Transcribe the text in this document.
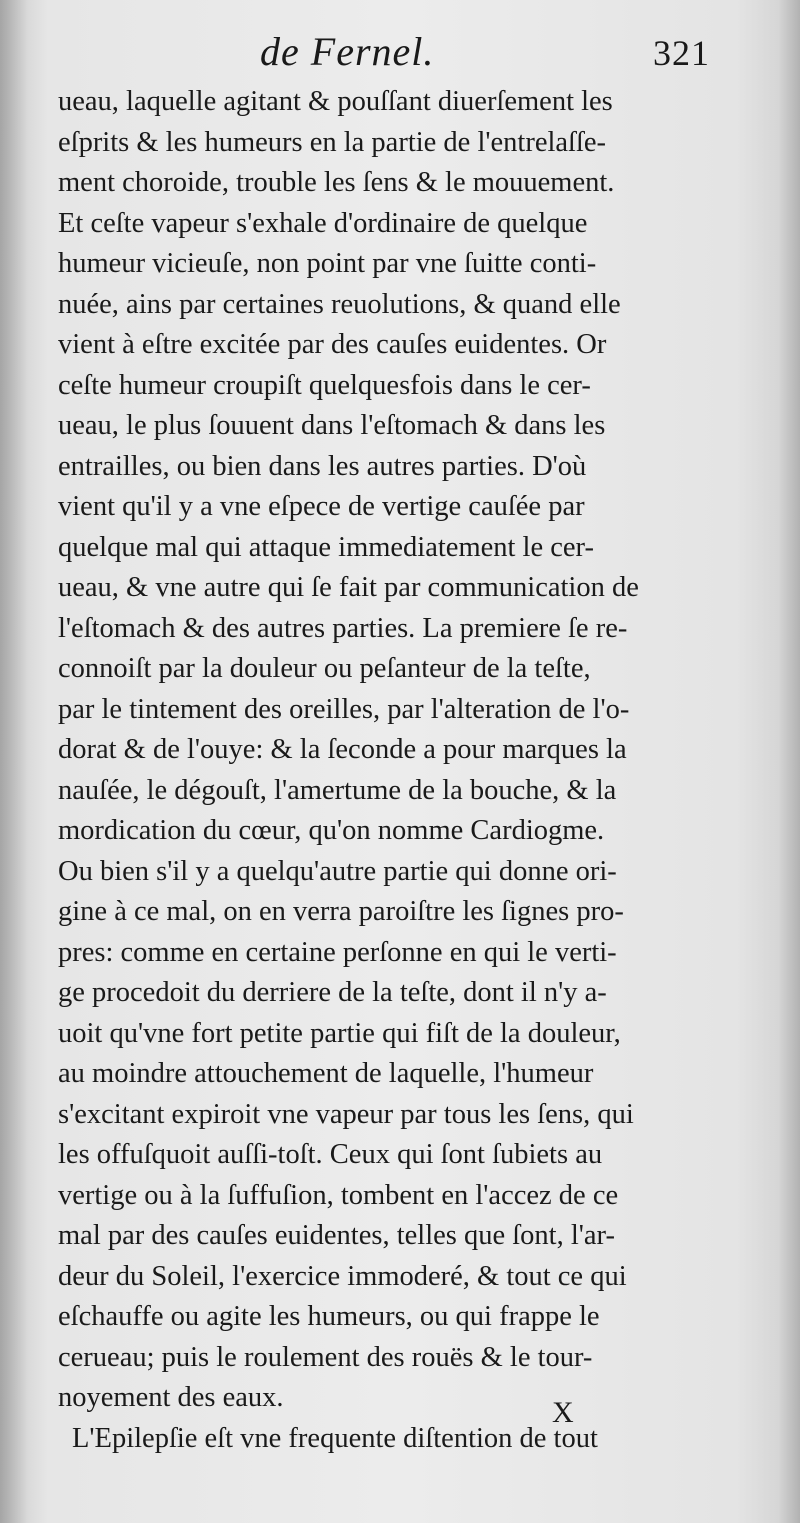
de Fernel.	321
ueau, laquelle agitant & pouſſant diuerſement les
eſprits & les humeurs en la partie de l'entrelaſſe-
ment choroide, trouble les ſens & le mouuement.
Et ceſte vapeur s'exhale d'ordinaire de quelque
humeur vicieuſe, non point par vne ſuitte conti-
nuée, ains par certaines reuolutions, & quand elle
vient à eſtre excitée par des cauſes euidentes. Or
ceſte humeur croupiſt quelquesfois dans le cer-
ueau, le plus ſouuent dans l'eſtomach & dans les
entrailles, ou bien dans les autres parties. D'où
vient qu'il y a vne eſpece de vertige cauſée par
quelque mal qui attaque immediatement le cer-
ueau, & vne autre qui ſe fait par communication de
l'eſtomach & des autres parties. La premiere ſe re-
connoiſt par la douleur ou peſanteur de la teſte,
par le tintement des oreilles, par l'alteration de l'o-
dorat & de l'ouye: & la ſeconde a pour marques la
nauſée, le dégouſt, l'amertume de la bouche, & la
mordication du cœur, qu'on nomme Cardiogme.
Ou bien s'il y a quelqu'autre partie qui donne ori-
gine à ce mal, on en verra paroiſtre les ſignes pro-
pres: comme en certaine perſonne en qui le verti-
ge procedoit du derriere de la teſte, dont il n'y a-
uoit qu'vne fort petite partie qui fiſt de la douleur,
au moindre attouchement de laquelle, l'humeur
s'excitant expiroit vne vapeur par tous les ſens, qui
les offuſquoit auſſi-toſt. Ceux qui ſont ſubiets au
vertige ou à la ſuffuſion, tombent en l'accez de ce
mal par des cauſes euidentes, telles que ſont, l'ar-
deur du Soleil, l'exercice immoderé, & tout ce qui
eſchauffe ou agite les humeurs, ou qui frappe le
cerueau; puis le roulement des rouës & le tour-
noyement des eaux.
L'Epilepſie eſt vne frequente diſtention de tout
X
